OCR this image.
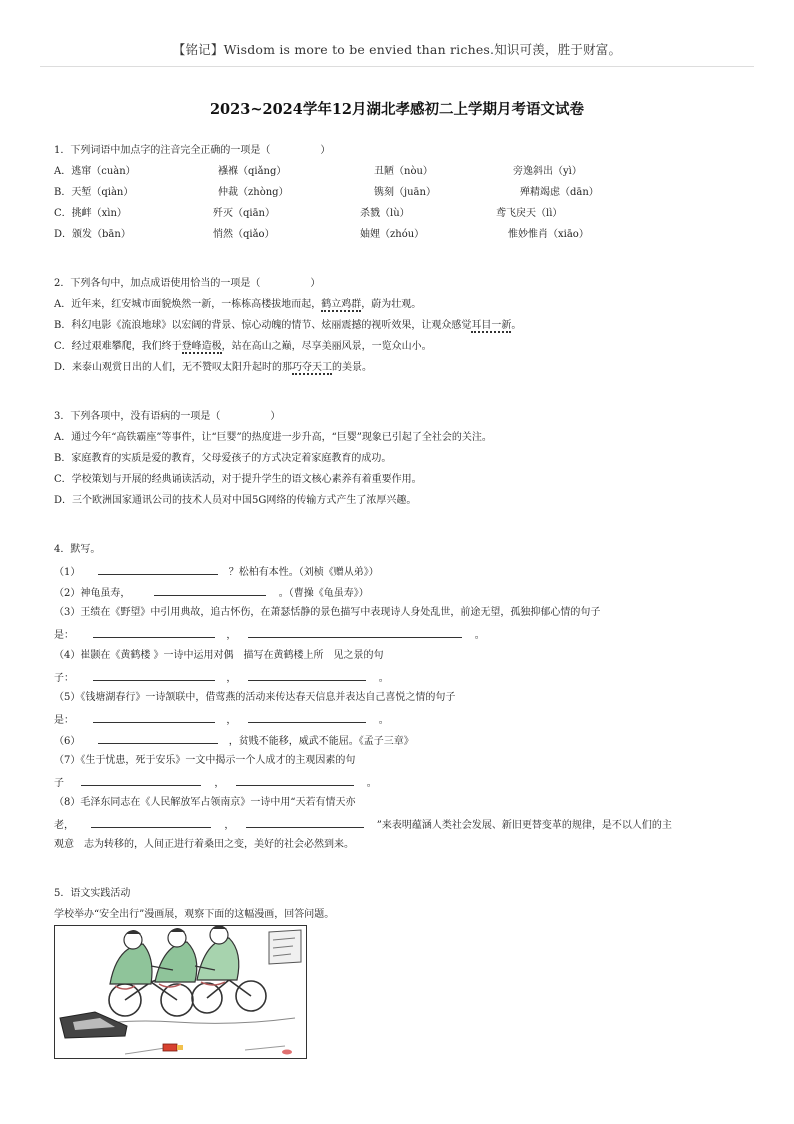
【铭记】Wisdom is more to be envied than riches.知识可羡，胜于财富。
2023~2024学年12月湖北孝感初二上学期月考语文试卷
1．下列词语中加点字的注音完全正确的一项是（　　　　　）
A．逃窜（cuàn）	襁褓（qiǎng）	丑陋（nòu）	旁逸斜出（yì）
B．天堑（qiàn）	仲裁（zhòng）	镌刻（juān）	殚精竭虑（dān）
C．挑衅（xìn）	歼灭（qiān）	杀戮（lù）	鸢飞戾天（lì）
D．颁发（bān）	悄然（qiǎo）	妯娌（zhóu）	惟妙惟肖（xiāo）
2．下列各句中，加点成语使用恰当的一项是（　　　　　）
A．近年来，红安城市面貌焕然一新，一栋栋高楼拔地而起，鹤立鸡群，蔚为壮观。
B．科幻电影《流浪地球》以宏阔的背景、惊心动魄的情节、炫丽震撼的视听效果，让观众感觉耳目一新。
C．经过艰难攀爬，我们终于登峰造极，站在高山之巅，尽享美丽风景，一览众山小。
D．来泰山观赏日出的人们，无不赞叹太阳升起时的那巧夺天工的美景。
3．下列各项中，没有语病的一项是（　　　　　）
A．通过今年“高铁霸座”等事件，让“巨婴”的热度进一步升高，“巨婴”现象已引起了全社会的关注。
B．家庭教育的实质是爱的教育，父母爱孩子的方式决定着家庭教育的成功。
C．学校策划与开展的经典诵读活动，对于提升学生的语文核心素养有着重要作用。
D．三个欧洲国家通讯公司的技术人员对中国5G网络的传输方式产生了浓厚兴趣。
4．默写。
（1）	？松柏有本性。（刘桢《赠从弟》）
（2）神龟虽寿，	。（曹操《龟虽寿》）
（3）王绩在《野望》中引用典故，追古怀伤，在萧瑟恬静的景色描写中表现诗人身处乱世，前途无望，孤独抑郁心情的句子
是：	，	。
（4）崔颢在《黄鹤楼 》一诗中运用对偶　描写在黄鹤楼上所　见之景的句
子：	，	。
（5）《钱塘湖春行》一诗颔联中，借莺燕的活动来传达春天信息并表达自己喜悦之情的句子
是：	，	。
（6）	，贫贱不能移，威武不能屈。《孟子三章》
（7）《生于忧患，死于安乐》一文中揭示一个人成才的主观因素的句
子	，	。
（8）毛泽东同志在《人民解放军占领南京》一诗中用“天若有情天亦
老，	，	”来表明蕴涵人类社会发展、新旧更替变革的规律，是不以人们的主
观意　志为转移的，人间正进行着桑田之变，美好的社会必然到来。
5．语文实践活动
学校举办“安全出行”漫画展，观察下面的这幅漫画，回答问题。
